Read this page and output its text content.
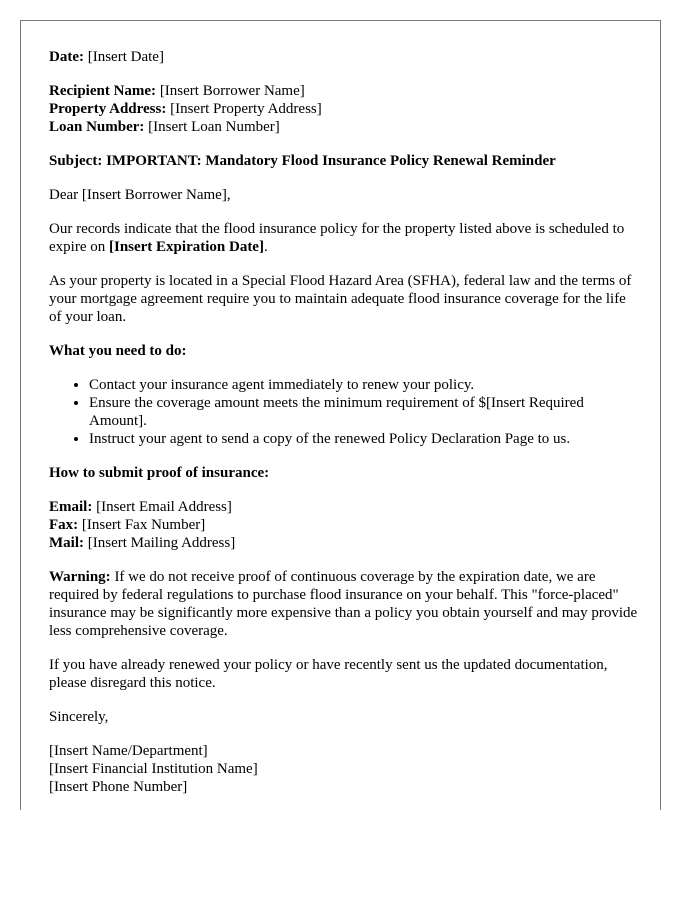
Date: [Insert Date]

Recipient Name: [Insert Borrower Name]
Property Address: [Insert Property Address]
Loan Number: [Insert Loan Number]

Subject: IMPORTANT: Mandatory Flood Insurance Policy Renewal Reminder

Dear [Insert Borrower Name],

Our records indicate that the flood insurance policy for the property listed above is scheduled to expire on [Insert Expiration Date].

As your property is located in a Special Flood Hazard Area (SFHA), federal law and the terms of your mortgage agreement require you to maintain adequate flood insurance coverage for the life of your loan.

What you need to do:

• Contact your insurance agent immediately to renew your policy.
• Ensure the coverage amount meets the minimum requirement of $[Insert Required Amount].
• Instruct your agent to send a copy of the renewed Policy Declaration Page to us.

How to submit proof of insurance:

Email: [Insert Email Address]
Fax: [Insert Fax Number]
Mail: [Insert Mailing Address]

Warning: If we do not receive proof of continuous coverage by the expiration date, we are required by federal regulations to purchase flood insurance on your behalf. This "force-placed" insurance may be significantly more expensive than a policy you obtain yourself and may provide less comprehensive coverage.

If you have already renewed your policy or have recently sent us the updated documentation, please disregard this notice.

Sincerely,

[Insert Name/Department]
[Insert Financial Institution Name]
[Insert Phone Number]
